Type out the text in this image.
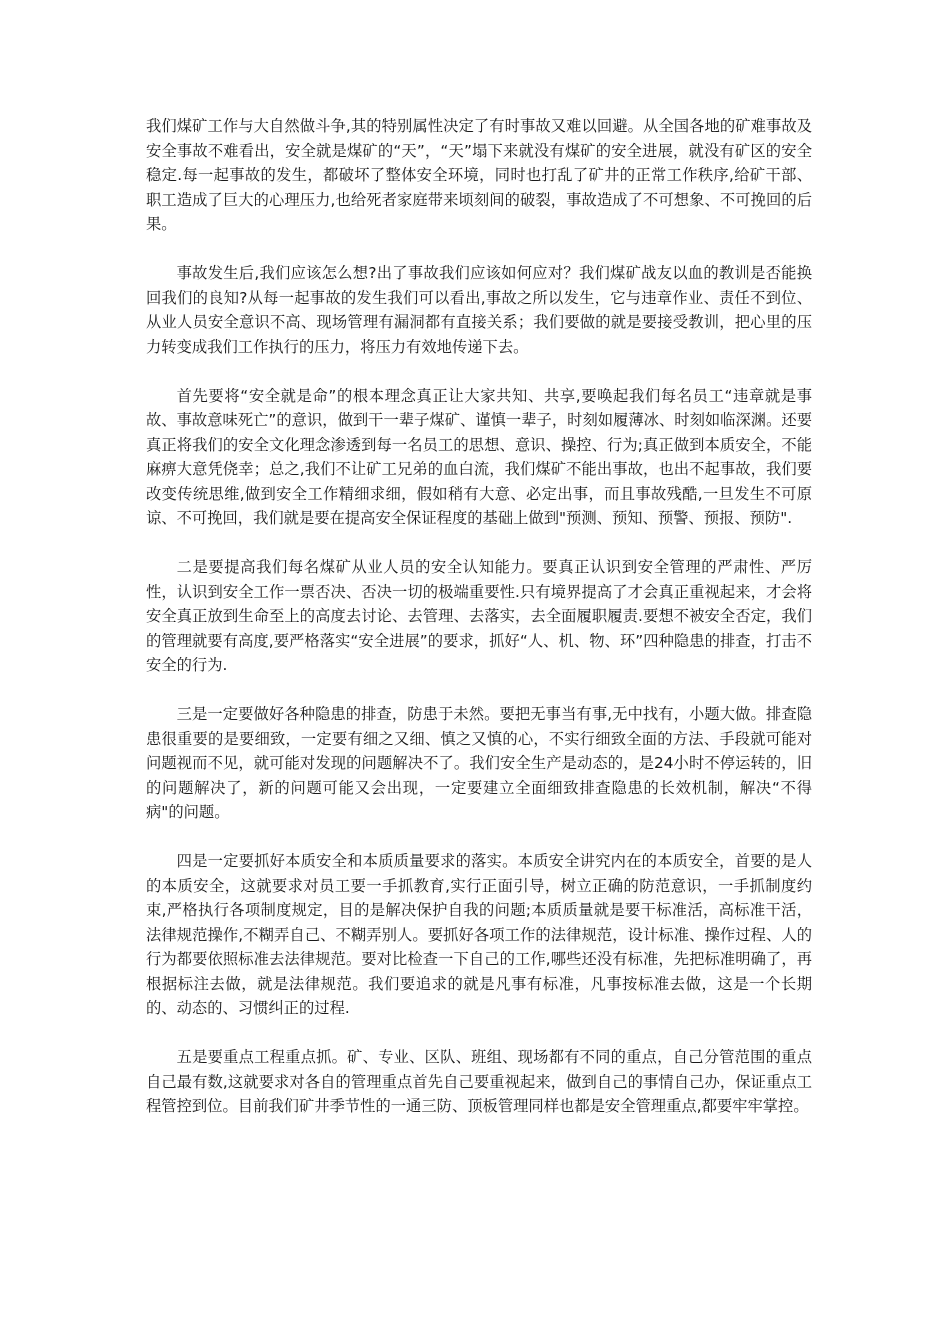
我们煤矿工作与大自然做斗争,其的特别属性决定了有时事故又难以回避。从全国各地的矿难事故及安全事故不难看出，安全就是煤矿的“天”，“天”塌下来就没有煤矿的安全进展，就没有矿区的安全稳定.每一起事故的发生，都破坏了整体安全环境，同时也打乱了矿井的正常工作秩序,给矿干部、职工造成了巨大的心理压力,也给死者家庭带来顷刻间的破裂，事故造成了不可想象、不可挽回的后果。

事故发生后,我们应该怎么想?出了事故我们应该如何应对？我们煤矿战友以血的教训是否能换回我们的良知?从每一起事故的发生我们可以看出,事故之所以发生，它与违章作业、责任不到位、从业人员安全意识不高、现场管理有漏洞都有直接关系；我们要做的就是要接受教训，把心里的压力转变成我们工作执行的压力，将压力有效地传递下去。

首先要将“安全就是命”的根本理念真正让大家共知、共享,要唤起我们每名员工“违章就是事故、事故意味死亡”的意识，做到干一辈子煤矿、谨慎一辈子，时刻如履薄冰、时刻如临深渊。还要真正将我们的安全文化理念渗透到每一名员工的思想、意识、操控、行为;真正做到本质安全，不能麻痹大意凭侥幸；总之,我们不让矿工兄弟的血白流，我们煤矿不能出事故，也出不起事故，我们要改变传统思维,做到安全工作精细求细，假如稍有大意、必定出事，而且事故残酷,一旦发生不可原谅、不可挽回，我们就是要在提高安全保证程度的基础上做到"预测、预知、预警、预报、预防".

二是要提高我们每名煤矿从业人员的安全认知能力。要真正认识到安全管理的严肃性、严厉性，认识到安全工作一票否决、否决一切的极端重要性.只有境界提高了才会真正重视起来，才会将安全真正放到生命至上的高度去讨论、去管理、去落实，去全面履职履责.要想不被安全否定，我们的管理就要有高度,要严格落实“安全进展”的要求，抓好“人、机、物、环”四种隐患的排查，打击不安全的行为.

三是一定要做好各种隐患的排查，防患于未然。要把无事当有事,无中找有，小题大做。排查隐患很重要的是要细致，一定要有细之又细、慎之又慎的心，不实行细致全面的方法、手段就可能对问题视而不见，就可能对发现的问题解决不了。我们安全生产是动态的，是24小时不停运转的，旧的问题解决了，新的问题可能又会出现，一定要建立全面细致排查隐患的长效机制，解决“不得病"的问题。

四是一定要抓好本质安全和本质质量要求的落实。本质安全讲究内在的本质安全，首要的是人的本质安全，这就要求对员工要一手抓教育,实行正面引导，树立正确的防范意识，一手抓制度约束,严格执行各项制度规定，目的是解决保护自我的问题;本质质量就是要干标准活，高标准干活，法律规范操作,不糊弄自己、不糊弄别人。要抓好各项工作的法律规范，设计标准、操作过程、人的行为都要依照标准去法律规范。要对比检查一下自己的工作,哪些还没有标准，先把标准明确了，再根据标注去做，就是法律规范。我们要追求的就是凡事有标准，凡事按标准去做，这是一个长期的、动态的、习惯纠正的过程.

五是要重点工程重点抓。矿、专业、区队、班组、现场都有不同的重点，自己分管范围的重点自己最有数,这就要求对各自的管理重点首先自己要重视起来，做到自己的事情自己办，保证重点工程管控到位。目前我们矿井季节性的一通三防、顶板管理同样也都是安全管理重点,都要牢牢掌控。
